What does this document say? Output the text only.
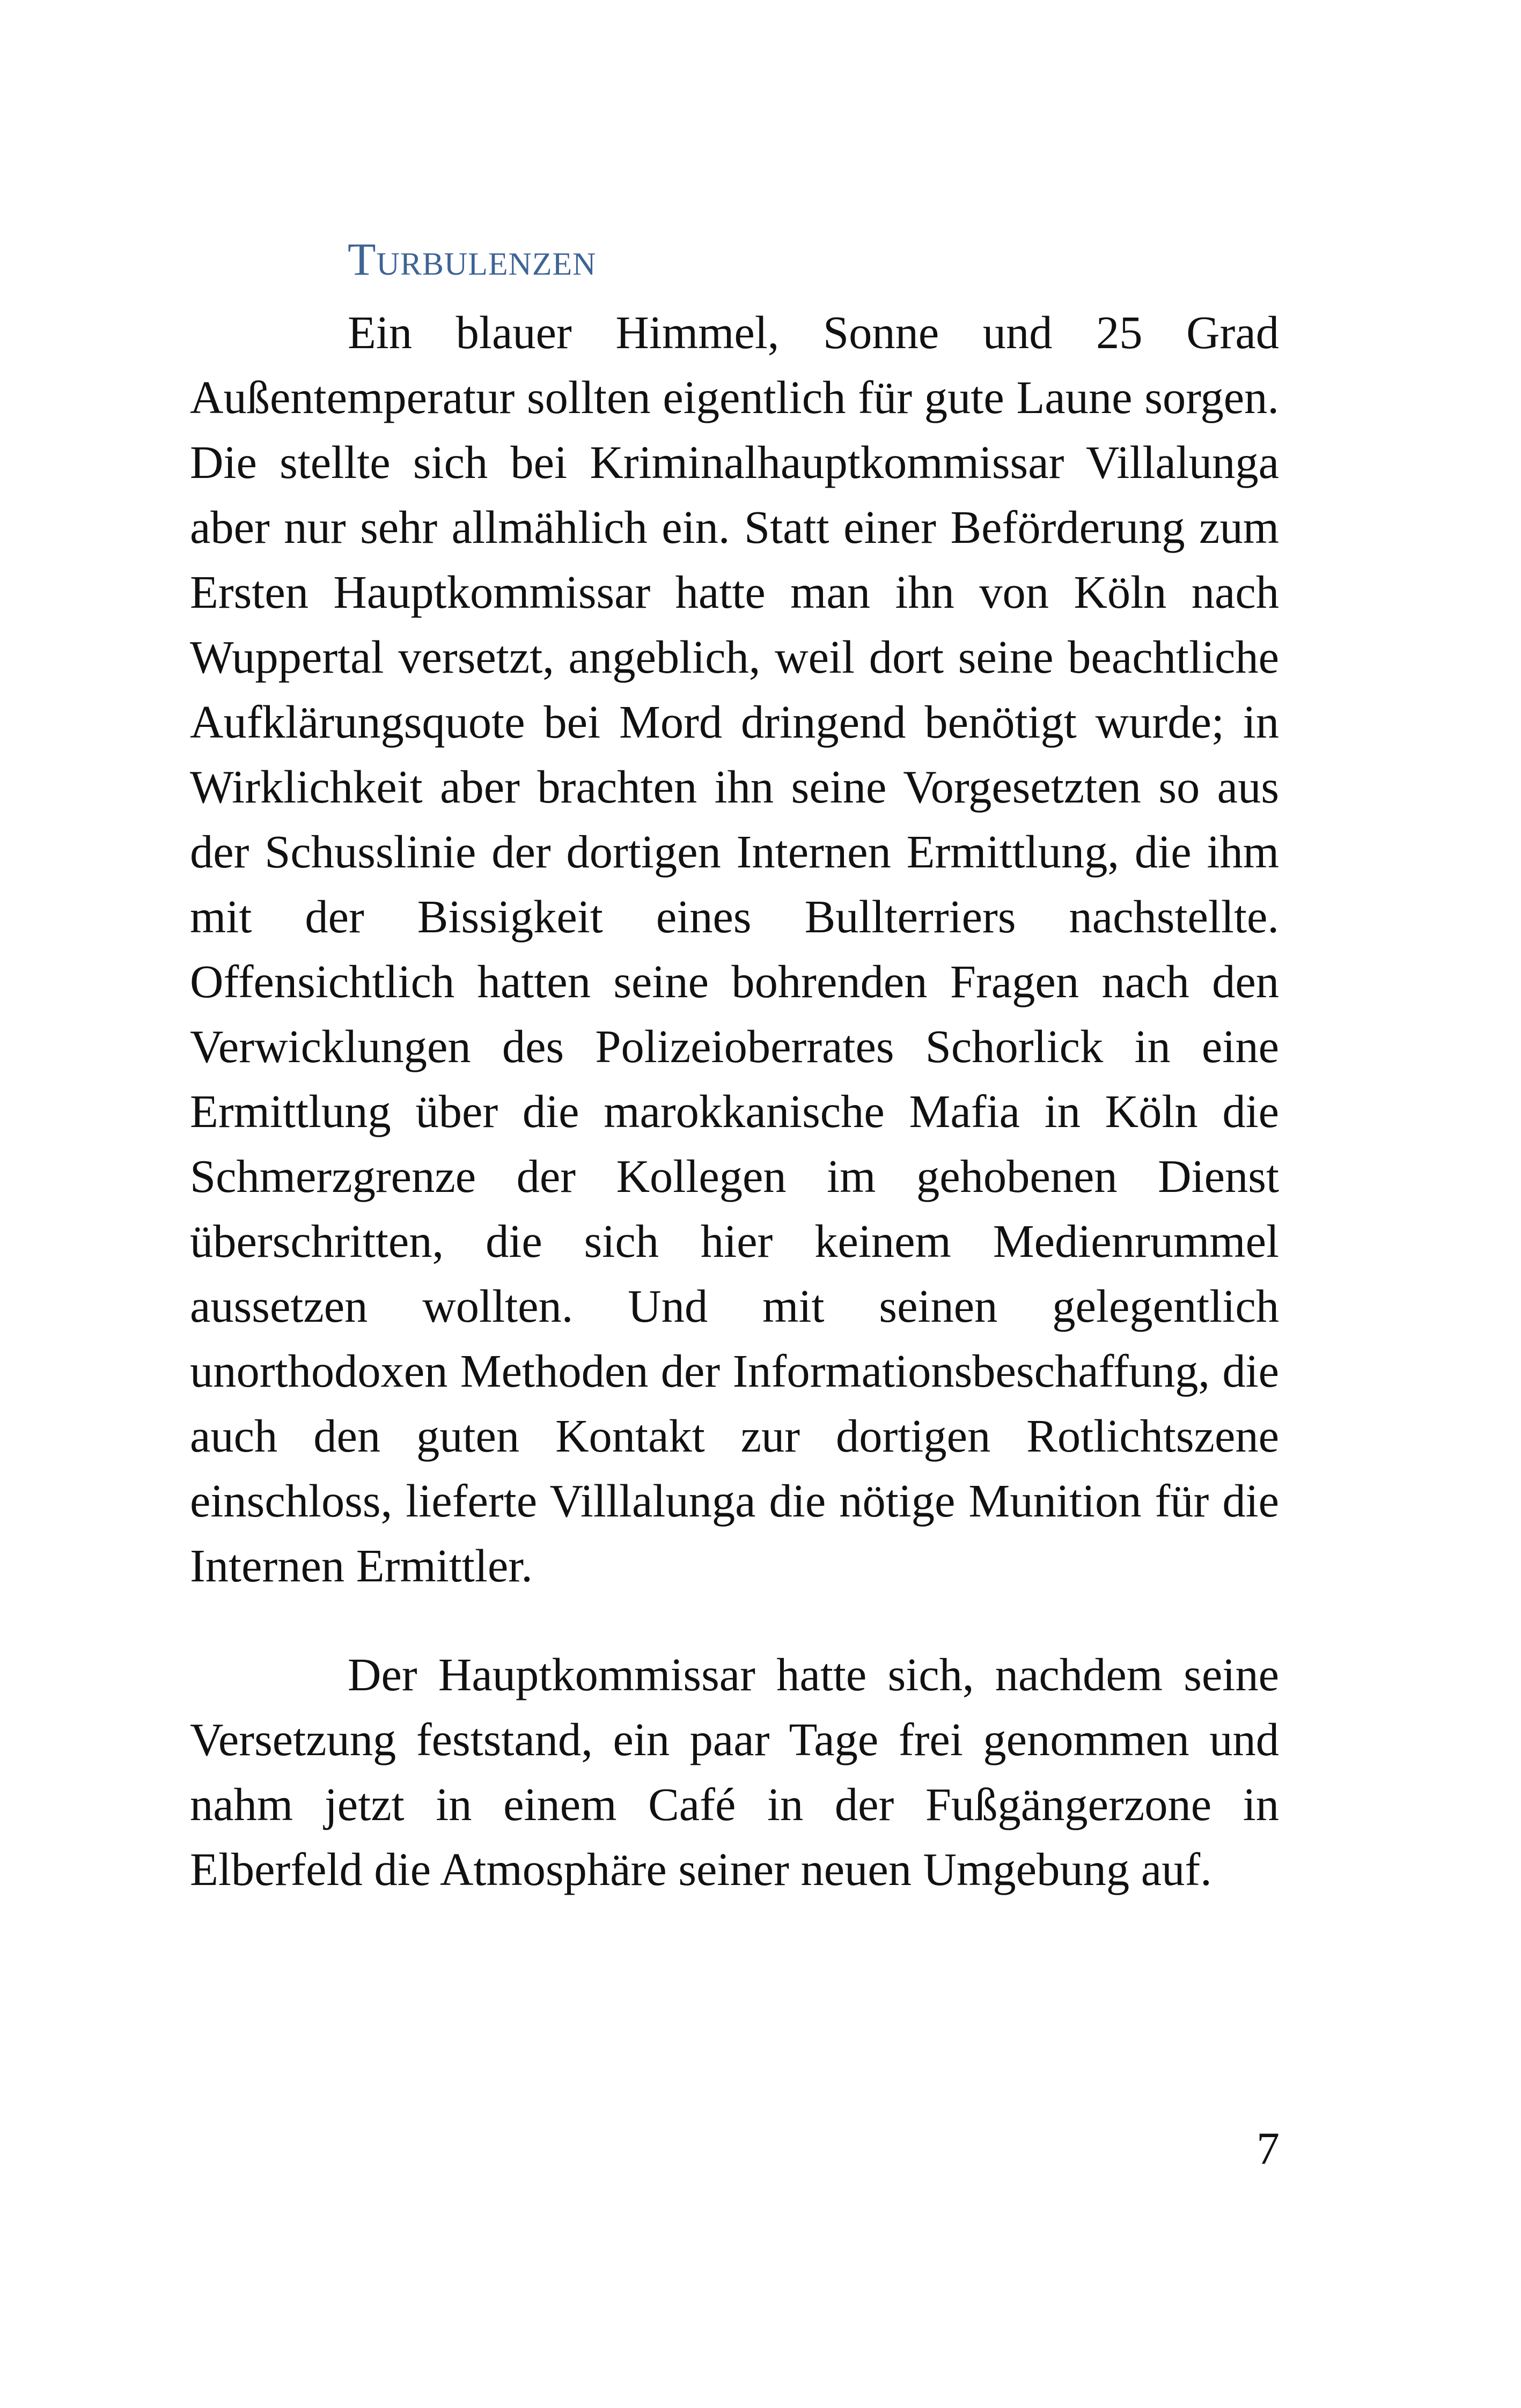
Turbulenzen

Ein blauer Himmel, Sonne und 25 Grad Außentemperatur sollten eigentlich für gute Laune sorgen. Die stellte sich bei Kriminalhauptkommissar Villalunga aber nur sehr allmählich ein. Statt einer Beförderung zum Ersten Hauptkommissar hatte man ihn von Köln nach Wuppertal versetzt, angeblich, weil dort seine beachtliche Aufklärungsquote bei Mord dringend benötigt wurde; in Wirklichkeit aber brachten ihn seine Vorgesetzten so aus der Schusslinie der dortigen Internen Ermittlung, die ihm mit der Bissigkeit eines Bullterriers nachstellte. Offensichtlich hatten seine bohrenden Fragen nach den Verwicklungen des Polizeioberrates Schorlick in eine Ermittlung über die marokkanische Mafia in Köln die Schmerzgrenze der Kollegen im gehobenen Dienst überschritten, die sich hier keinem Medienrummel aussetzen wollten. Und mit seinen gelegentlich unorthodoxen Methoden der Informationsbeschaffung, die auch den guten Kontakt zur dortigen Rotlichtszene einschloss, lieferte Villlalunga die nötige Munition für die Internen Ermittler.

Der Hauptkommissar hatte sich, nachdem seine Versetzung feststand, ein paar Tage frei genommen und nahm jetzt in einem Café in der Fußgängerzone in Elberfeld die Atmosphäre seiner neuen Umgebung auf.

7
